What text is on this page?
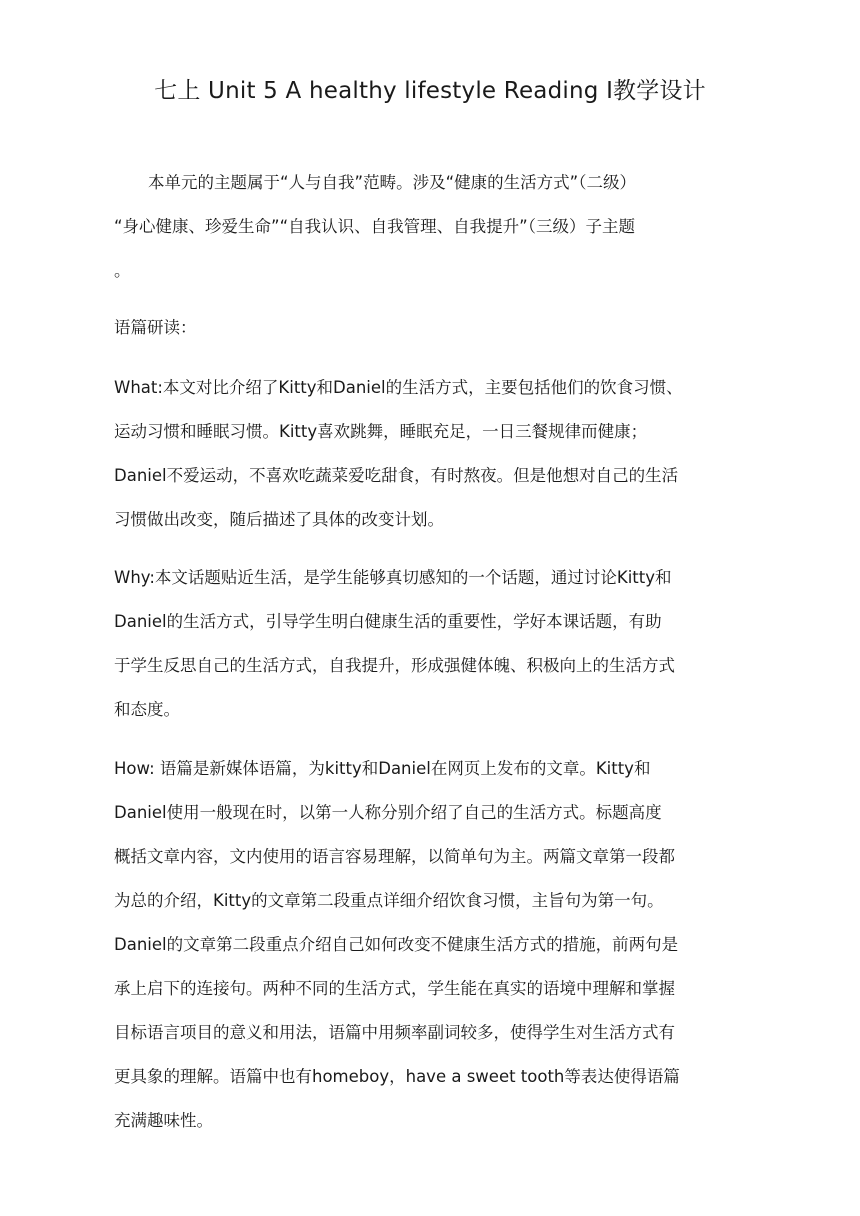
七上 Unit 5 A healthy lifestyle Reading I教学设计
本单元的主题属于“人与自我”范畴。涉及“健康的生活方式”（二级）
“身心健康、珍爱生命”“自我认识、自我管理、自我提升”（三级）子主题
。
语篇研读：
What:本文对比介绍了Kitty和Daniel的生活方式，主要包括他们的饮食习惯、
运动习惯和睡眠习惯。Kitty喜欢跳舞，睡眠充足，一日三餐规律而健康；
Daniel不爱运动，不喜欢吃蔬菜爱吃甜食，有时熬夜。但是他想对自己的生活
习惯做出改变，随后描述了具体的改变计划。
Why:本文话题贴近生活，是学生能够真切感知的一个话题，通过讨论Kitty和
Daniel的生活方式，引导学生明白健康生活的重要性，学好本课话题，有助
于学生反思自己的生活方式，自我提升，形成强健体魄、积极向上的生活方式
和态度。
How: 语篇是新媒体语篇，为kitty和Daniel在网页上发布的文章。Kitty和
Daniel使用一般现在时，以第一人称分别介绍了自己的生活方式。标题高度
概括文章内容，文内使用的语言容易理解，以简单句为主。两篇文章第一段都
为总的介绍，Kitty的文章第二段重点详细介绍饮食习惯，主旨句为第一句。
Daniel的文章第二段重点介绍自己如何改变不健康生活方式的措施，前两句是
承上启下的连接句。两种不同的生活方式，学生能在真实的语境中理解和掌握
目标语言项目的意义和用法，语篇中用频率副词较多，使得学生对生活方式有
更具象的理解。语篇中也有homeboy，have a sweet tooth等表达使得语篇
充满趣味性。
